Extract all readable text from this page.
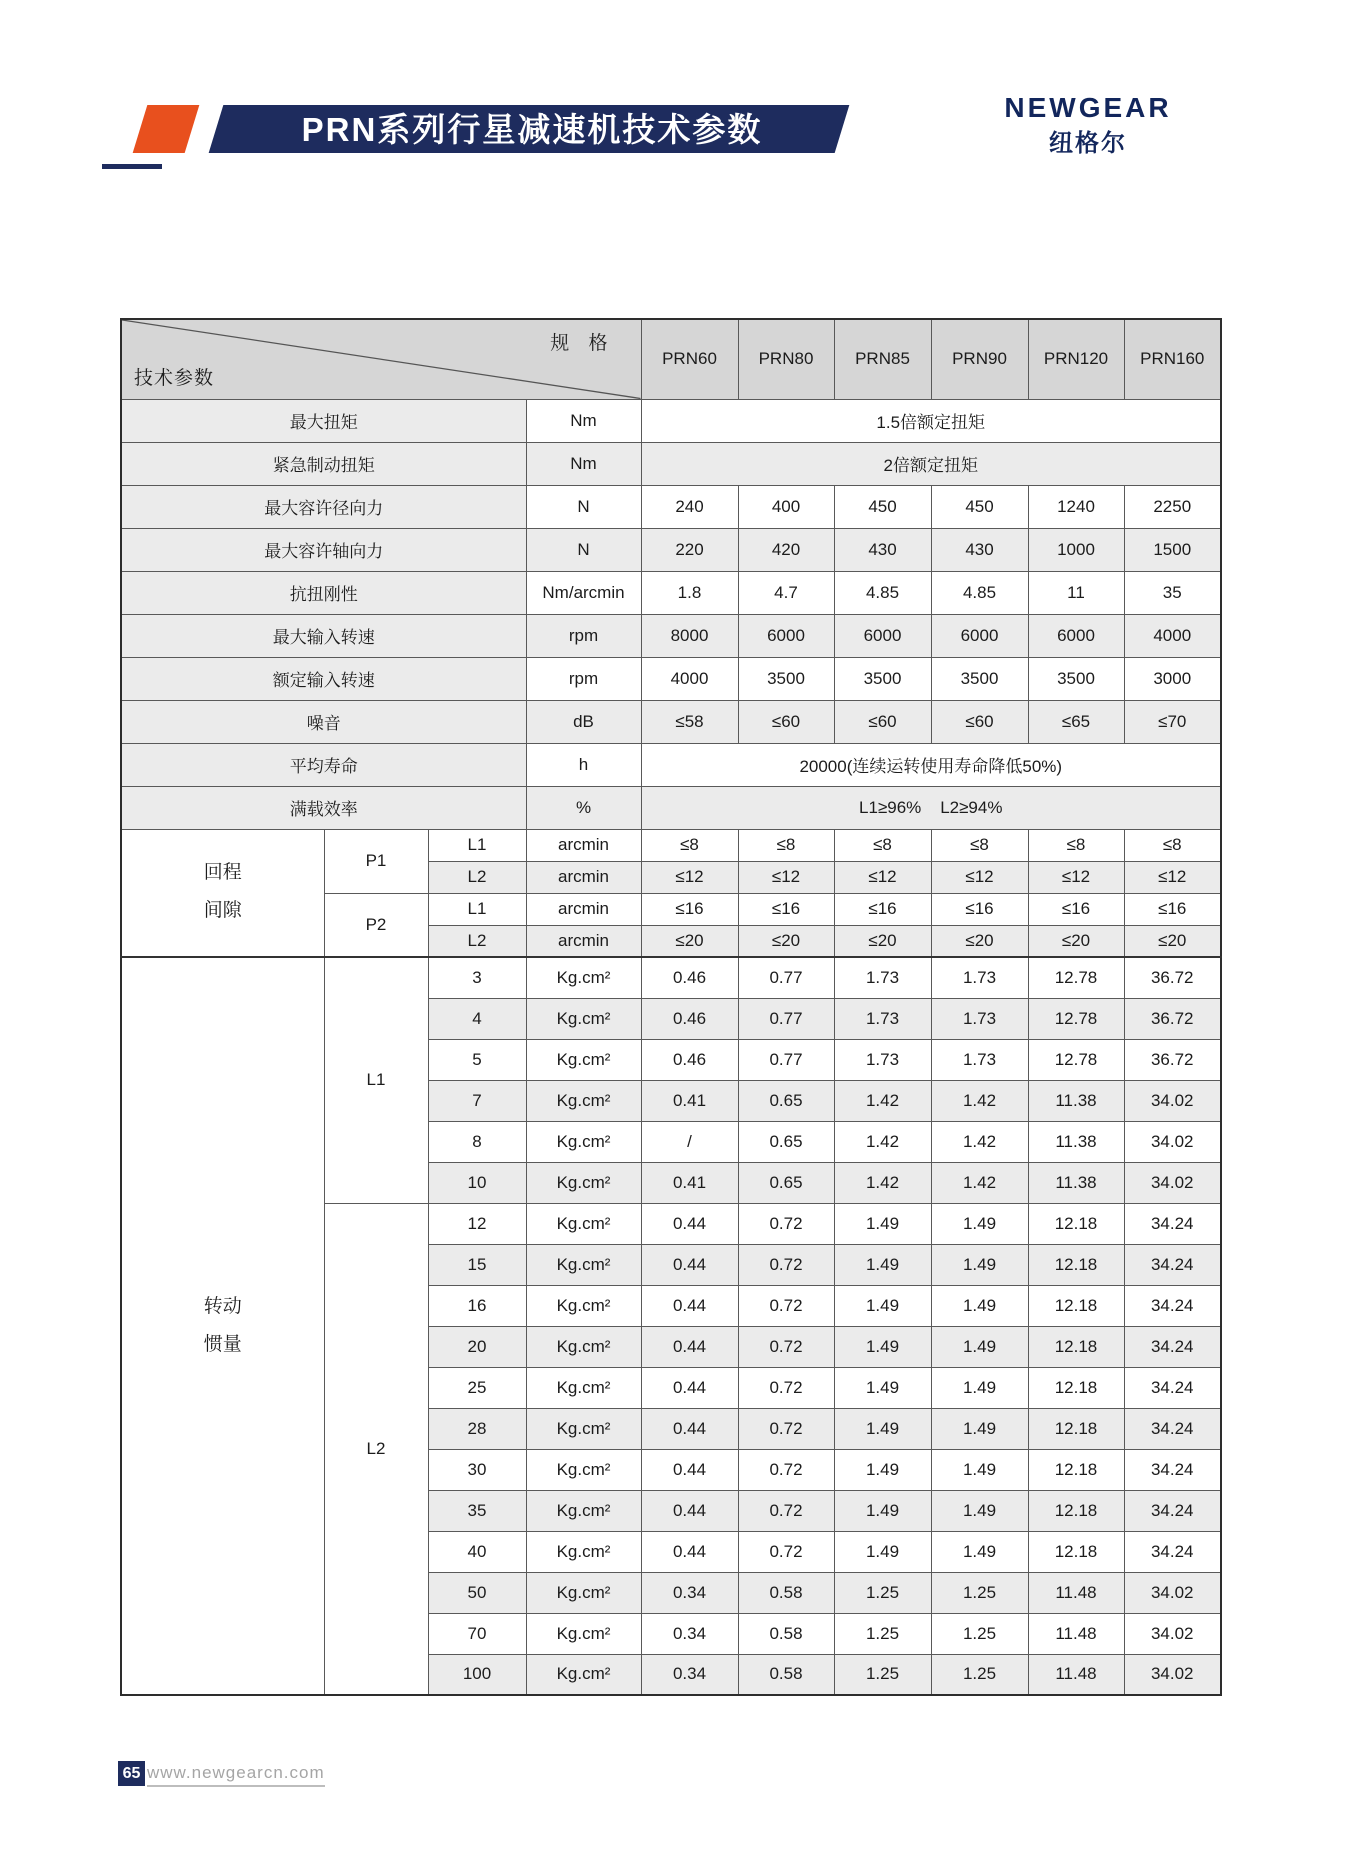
PRN系列行星减速机技术参数
NEWGEAR
纽格尔
规 格
技术参数				PRN60	PRN80	PRN85	PRN90	PRN120	PRN160
最大扭矩			Nm	1.5倍额定扭矩					
紧急制动扭矩			Nm	2倍额定扭矩					
最大容许径向力			N	240	400	450	450	1240	2250
最大容许轴向力			N	220	420	430	430	1000	1500
抗扭刚性			Nm/arcmin	1.8	4.7	4.85	4.85	11	35
最大输入转速			rpm	8000	6000	6000	6000	6000	4000
额定输入转速			rpm	4000	3500	3500	3500	3500	3000
噪音			dB	≤58	≤60	≤60	≤60	≤65	≤70
平均寿命			h	20000(连续运转使用寿命降低50%)					
满载效率			%	L1≥96%    L2≥94%					

回程
间隙	P1	L1	arcmin	≤8	≤8	≤8	≤8	≤8	≤8
		L2	arcmin	≤12	≤12	≤12	≤12	≤12	≤12
	P2	L1	arcmin	≤16	≤16	≤16	≤16	≤16	≤16
		L2	arcmin	≤20	≤20	≤20	≤20	≤20	≤20

转动
惯量	L1	3	Kg.cm²	0.46	0.77	1.73	1.73	12.78	36.72
		4	Kg.cm²	0.46	0.77	1.73	1.73	12.78	36.72
		5	Kg.cm²	0.46	0.77	1.73	1.73	12.78	36.72
		7	Kg.cm²	0.41	0.65	1.42	1.42	11.38	34.02
		8	Kg.cm²	/	0.65	1.42	1.42	11.38	34.02
		10	Kg.cm²	0.41	0.65	1.42	1.42	11.38	34.02
	L2	12	Kg.cm²	0.44	0.72	1.49	1.49	12.18	34.24
		15	Kg.cm²	0.44	0.72	1.49	1.49	12.18	34.24
		16	Kg.cm²	0.44	0.72	1.49	1.49	12.18	34.24
		20	Kg.cm²	0.44	0.72	1.49	1.49	12.18	34.24
		25	Kg.cm²	0.44	0.72	1.49	1.49	12.18	34.24
		28	Kg.cm²	0.44	0.72	1.49	1.49	12.18	34.24
		30	Kg.cm²	0.44	0.72	1.49	1.49	12.18	34.24
		35	Kg.cm²	0.44	0.72	1.49	1.49	12.18	34.24
		40	Kg.cm²	0.44	0.72	1.49	1.49	12.18	34.24
		50	Kg.cm²	0.34	0.58	1.25	1.25	11.48	34.02
		70	Kg.cm²	0.34	0.58	1.25	1.25	11.48	34.02
		100	Kg.cm²	0.34	0.58	1.25	1.25	11.48	34.02
65 www.newgearcn.com
